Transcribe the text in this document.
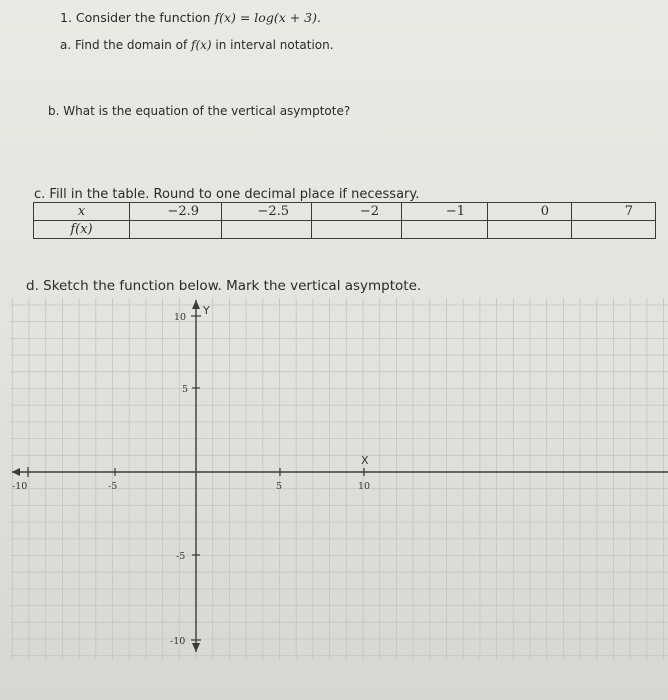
1. Consider the function f(x) = log(x + 3).
a. Find the domain of f(x) in interval notation.
b. What is the equation of the vertical asymptote?
c. Fill in the table. Round to one decimal place if necessary.
x	−2.9	−2.5	−2	−1	0	7
f(x)						
d. Sketch the function below. Mark the vertical asymptote.
-10	-5	5	10
10
5
-5
-10
Y
X
